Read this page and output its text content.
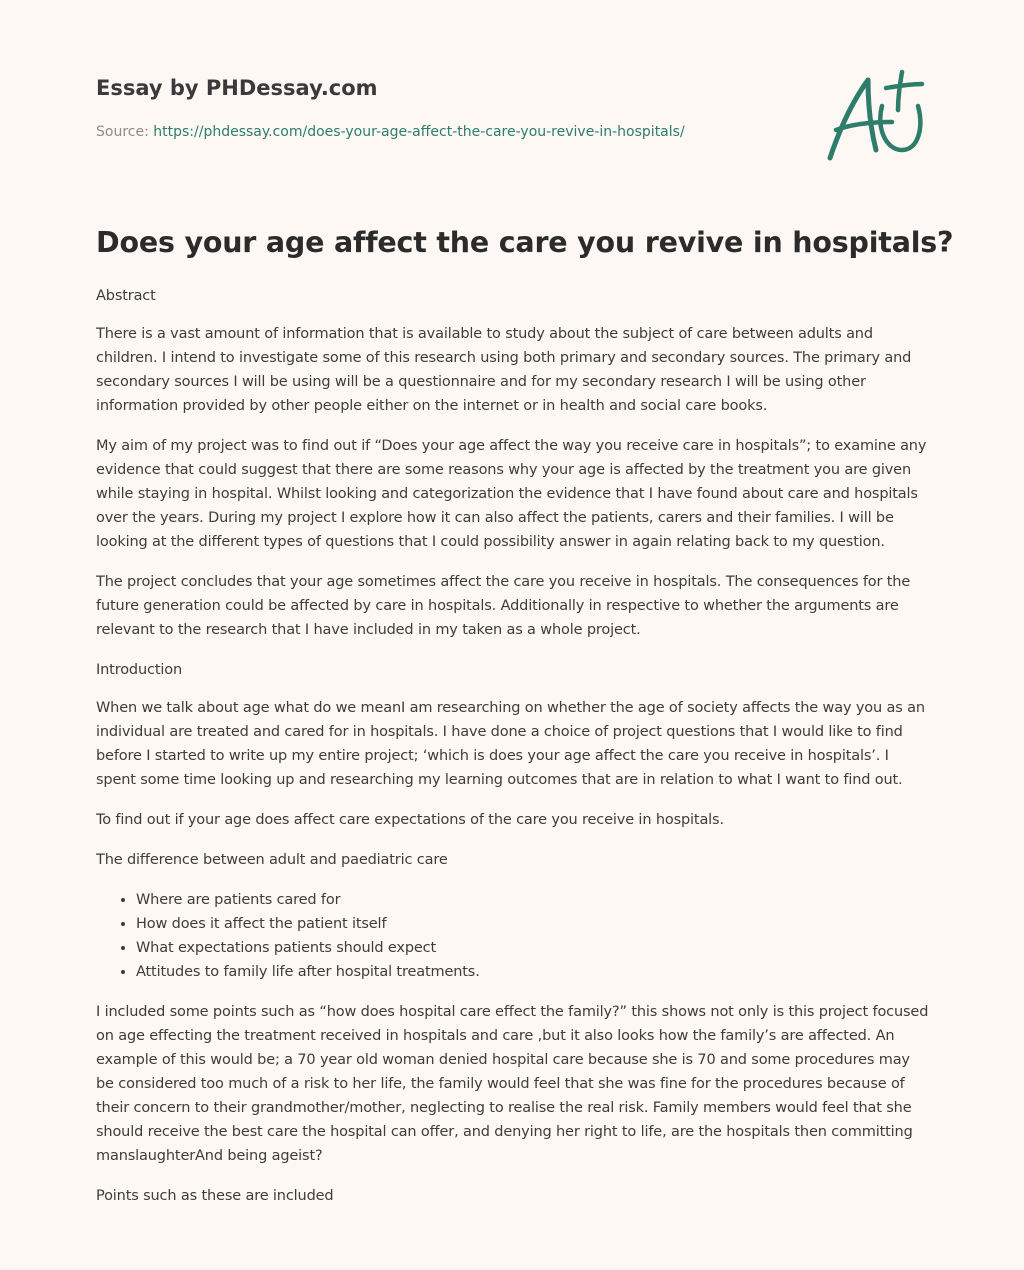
Essay by PHDessay.com

Source: https://phdessay.com/does-your-age-affect-the-care-you-revive-in-hospitals/

Does your age affect the care you revive in hospitals?

Abstract

There is a vast amount of information that is available to study about the subject of care between adults and children. I intend to investigate some of this research using both primary and secondary sources. The primary and secondary sources I will be using will be a questionnaire and for my secondary research I will be using other information provided by other people either on the internet or in health and social care books.

My aim of my project was to find out if “Does your age affect the way you receive care in hospitals”; to examine any evidence that could suggest that there are some reasons why your age is affected by the treatment you are given while staying in hospital. Whilst looking and categorization the evidence that I have found about care and hospitals over the years. During my project I explore how it can also affect the patients, carers and their families. I will be looking at the different types of questions that I could possibility answer in again relating back to my question.

The project concludes that your age sometimes affect the care you receive in hospitals. The consequences for the future generation could be affected by care in hospitals. Additionally in respective to whether the arguments are relevant to the research that I have included in my taken as a whole project.

Introduction

When we talk about age what do we meanI am researching on whether the age of society affects the way you as an individual are treated and cared for in hospitals. I have done a choice of project questions that I would like to find before I started to write up my entire project; ‘which is does your age affect the care you receive in hospitals’. I spent some time looking up and researching my learning outcomes that are in relation to what I want to find out.

To find out if your age does affect care expectations of the care you receive in hospitals.

The difference between adult and paediatric care

• Where are patients cared for
• How does it affect the patient itself
• What expectations patients should expect
• Attitudes to family life after hospital treatments.

I included some points such as “how does hospital care effect the family?” this shows not only is this project focused on age effecting the treatment received in hospitals and care ,but it also looks how the family’s are affected. An example of this would be; a 70 year old woman denied hospital care because she is 70 and some procedures may be considered too much of a risk to her life, the family would feel that she was fine for the procedures because of their concern to their grandmother/mother, neglecting to realise the real risk. Family members would feel that she should receive the best care the hospital can offer, and denying her right to life, are the hospitals then committing manslaughterAnd being ageist?

Points such as these are included
